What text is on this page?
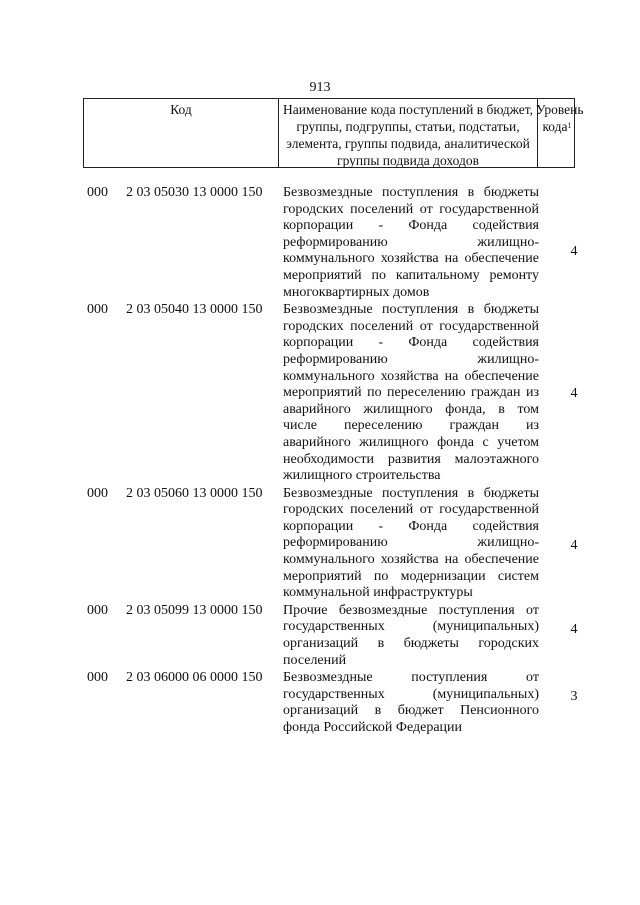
913
Код	Наименование кода поступлений в бюджет, группы, подгруппы, статьи, подстатьи, элемента, группы подвида, аналитической группы подвида доходов
Уровень кода$^1$
000 2 03 05030 13 0000 150 Безвозмездные поступления в бюджеты городских поселений от государственной корпорации - Фонда содействия реформированию жилищно-коммунального хозяйства на обеспечение мероприятий по капитальному ремонту многоквартирных домов
4
000 2 03 05040 13 0000 150 Безвозмездные поступления в бюджеты городских поселений от государственной корпорации - Фонда содействия реформированию жилищно-коммунального хозяйства на обеспечение мероприятий по переселению граждан из аварийного жилищного фонда, в том числе переселению граждан из аварийного жилищного фонда с учетом необходимости развития малоэтажного жилищного строительства
4
000 2 03 05060 13 0000 150 Безвозмездные поступления в бюджеты городских поселений от государственной корпорации - Фонда содействия реформированию жилищно-коммунального хозяйства на обеспечение мероприятий по модернизации систем коммунальной инфраструктуры
4
000 2 03 05099 13 0000 150 Прочие безвозмездные поступления от государственных (муниципальных) организаций в бюджеты городских поселений
4
000 2 03 06000 06 0000 150 Безвозмездные поступления от государственных (муниципальных) организаций в бюджет Пенсионного фонда Российской Федерации
3
